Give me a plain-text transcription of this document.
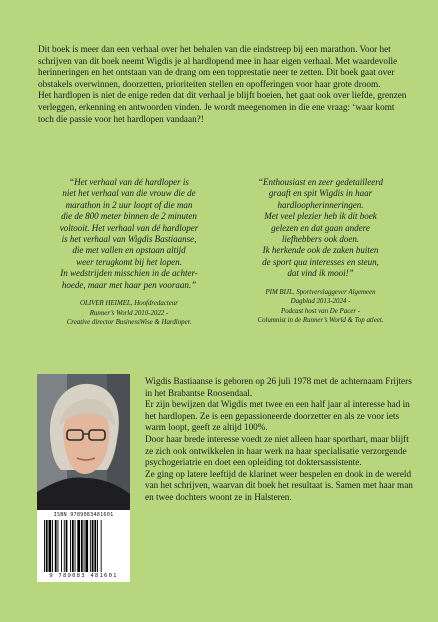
Dit boek is meer dan een verhaal over het behalen van die eindstreep bij een marathon. Voor het schrijven van dit boek neemt Wigdis je al hardlopend mee in haar eigen verhaal. Met waardevolle herinneringen en het ontstaan van de drang om een topprestatie neer te zetten. Dit boek gaat over obstakels overwinnen, doorzetten, prioriteiten stellen en opofferingen voor haar grote droom.

Het hardlopen is niet de enige reden dat dit verhaal je blijft boeien, het gaat ook over liefde, grenzen verleggen, erkenning en antwoorden vinden. Je wordt meegenomen in die ene vraag: ‘waar komt toch die passie voor het hardlopen vandaan?!

“Het verhaal van dé hardloper is
niet het verhaal van die vrouw die de
marathon in 2 uur loopt of die man
die de 800 meter binnen de 2 minuten
voltooit. Het verhaal van dé hardloper
is het verhaal van Wigdis Bastiaanse,
die met vallen en opstaan altijd
weer terugkomt bij het lopen.
In wedstrijden misschien in de achter-
hoede, maar met haar pen vooraan.”
OLIVER HEIMEL, Hoofdredacteur
Runner’s World 2010-2022 -
Creative director BusinessWise & Hardloper.
“Enthousiast en zeer gedetailleerd
graaft en spit Wigdis in haar
hardloopherinneringen.
Met veel plezier heb ik dit boek
gelezen en dat gaan andere
liefhebbers ook doen.
Ik herkende ook de zaken buiten
de sport qua interesses en steun,
dat vind ik mooi!”
PIM BIJL, Sportverslaggever Algemeen
Dagblad 2013-2024 -
Podcast host van De Pacer -
Columnist in de Runner’s World & Top atleet.
ISBN 9789083481601
9 789083 481601

Wigdis Bastiaanse is geboren op 26 juli 1978 met de achternaam Frijters in het Brabantse Roosendaal.

Er zijn bewijzen dat Wigdis met twee en een half jaar al interesse had in het hardlopen. Ze is een gepassioneerde doorzetter en als ze voor iets warm loopt, geeft ze altijd 100%.

Door haar brede interesse voedt ze niet alleen haar sporthart, maar blijft ze zich ook ontwikkelen in haar werk na haar specialisatie verzorgende psychogeriatrie en doet een opleiding tot doktersassistente.

Ze ging op latere leeftijd de klarinet weer bespelen en dook in de wereld van het schrijven, waarvan dit boek het resultaat is. Samen met haar man en twee dochters woont ze in Halsteren.
